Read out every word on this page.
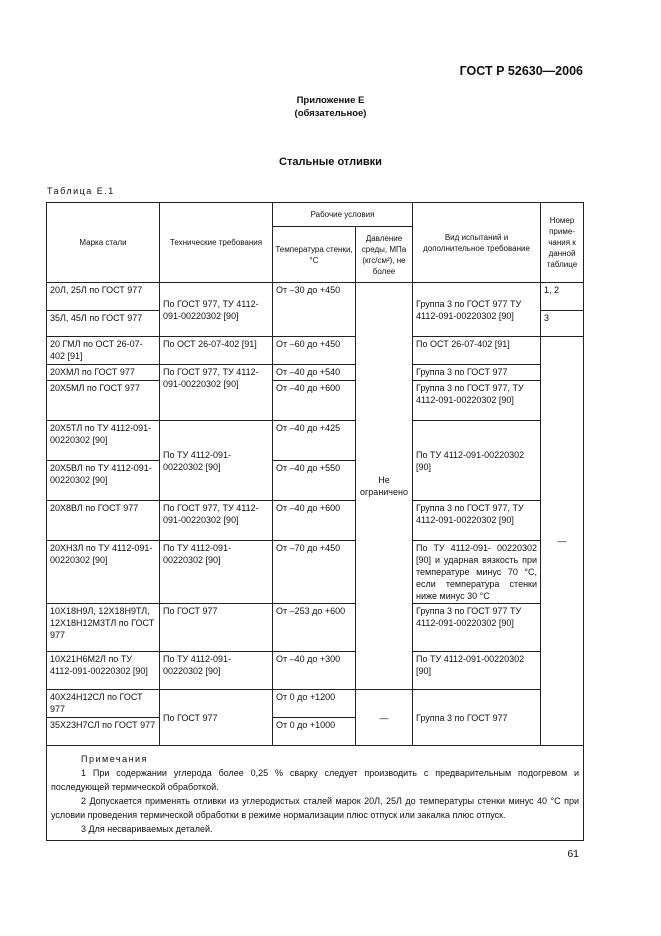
ГОСТ Р 52630—2006
Приложение Е
(обязательное)
Стальные отливки
Таблица Е.1
Марка стали	Технические требования	Рабочие условия		Вид испытаний и дополнительное требование	Номер приме-чания к данной таблице
		Температура стенки, °С	Давление среды, МПа (кгс/см²), не более		
20Л, 25Л по ГОСТ 977	По ГОСТ 977, ТУ 4112-091-00220302 [90]	От –30 до +450	Не ограничено	Группа 3 по ГОСТ 977 ТУ 4112-091-00220302 [90]	1, 2
35Л, 45Л по ГОСТ 977					3
20 ГМЛ по ОСТ 26-07-402 [91]	По ОСТ 26-07-402 [91]	От –60 до +450		По ОСТ 26-07-402 [91]	—
20ХМЛ по ГОСТ 977	По ГОСТ 977, ТУ 4112-091-00220302 [90]	От –40 до +540		Группа 3 по ГОСТ 977	
20Х5МЛ по ГОСТ 977		От –40 до +600		Группа 3 по ГОСТ 977, ТУ 4112-091-00220302 [90]	
20Х5ТЛ по ТУ 4112-091-00220302 [90]	По ТУ 4112-091-00220302 [90]	От –40 до +425		По ТУ 4112-091-00220302 [90]	
20Х5ВЛ по ТУ 4112-091-00220302 [90]		От –40 до +550			
20Х8ВЛ по ГОСТ 977	По ГОСТ 977, ТУ 4112-091-00220302 [90]	От –40 до +600		Группа 3 по ГОСТ 977, ТУ 4112-091-00220302 [90]	
20ХН3Л по ТУ 4112-091-00220302 [90]	По ТУ 4112-091-00220302 [90]	От –70 до +450		По ТУ 4112-091- 00220302 [90] и ударная вязкость при температуре минус 70 °С, если температура стенки ниже минус 30 °С	
10Х18Н9Л, 12Х18Н9ТЛ, 12Х18Н12М3ТЛ по ГОСТ 977	По ГОСТ 977	От –253 до +600		Группа 3 по ГОСТ 977 ТУ 4112-091-00220302 [90]	
10Х21Н6М2Л по ТУ 4112-091-00220302 [90]	По ТУ 4112-091-00220302 [90]	От –40 до +300		По ТУ 4112-091-00220302 [90]	
40Х24Н12СЛ по ГОСТ 977	По ГОСТ 977	От 0 до +1200	—	Группа 3 по ГОСТ 977	
35Х23Н7СЛ по ГОСТ 977		От 0 до +1000			

Примечания
1 При содержании углерода более 0,25 % сварку следует производить с предварительным подогревом и последующей термической обработкой.
2 Допускается применять отливки из углеродистых сталей марок 20Л, 25Л до температуры стенки минус 40 °С при условии проведения термической обработки в режиме нормализации плюс отпуск или закалка плюс отпуск.
3 Для несвариваемых деталей.					
61
